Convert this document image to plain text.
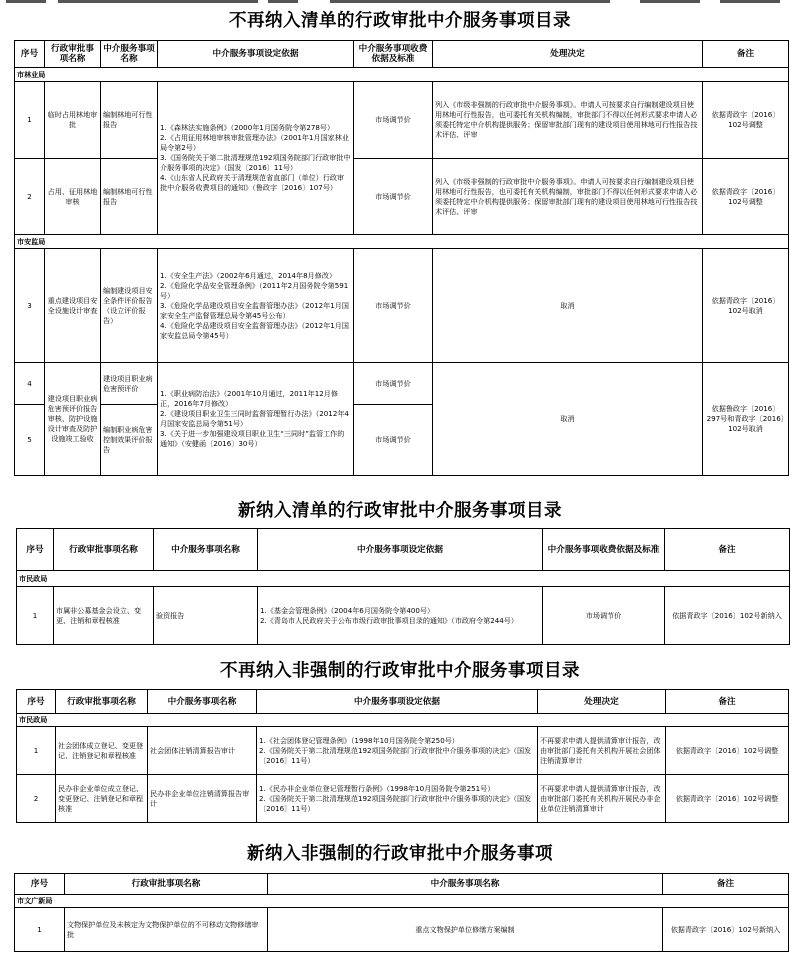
不再纳入清单的行政审批中介服务事项目录
序号	行政审批事项名称	中介服务事项名称	中介服务事项设定依据	中介服务事项收费依据及标准	处理决定	备注
市林业局						
1	临时占用林地审批	编制林地可行性报告	1.《森林法实施条例》（2000年1月国务院令第278号）
2.《占用征用林地审核审批管理办法》（2001年1月国家林业局令第2号）
3.《国务院关于第二批清理规范192项国务院部门行政审批中介服务事项的决定》（国发〔2016〕11号）
4.《山东省人民政府关于清理规范省直部门（单位）行政审批中介服务收费项目的通知》（鲁政字〔2016〕107号）	市场调节价	列入《市级非强制的行政审批中介服务事项》。申请人可按要求自行编制建设项目使用林地可行性报告，也可委托有关机构编制，审批部门不得以任何形式要求申请人必须委托特定中介机构提供服务；保留审批部门现有的建设项目使用林地可行性报告技术评估、评审	依据青政字〔2016〕102号调整
2	占用、征用林地审核	编制林地可行性报告		市场调节价	列入《市级非强制的行政审批中介服务事项》。申请人可按要求自行编制建设项目使用林地可行性报告，也可委托有关机构编制，审批部门不得以任何形式要求申请人必须委托特定中介机构提供服务；保留审批部门现有的建设项目使用林地可行性报告技术评估、评审	依据青政字〔2016〕102号调整
市安监局						
3	重点建设项目安全设施设计审查	编制建设项目安全条件评价报告（设立评价报告）	1.《安全生产法》（2002年6月通过，2014年8月修改）
2.《危险化学品安全管理条例》（2011年2月国务院令第591号）
3.《危险化学品建设项目安全监督管理办法》（2012年1月国家安全生产监督管理总局令第45号公布）
4.《危险化学品建设项目安全监督管理办法》（2012年1月国家安监总局令第45号）	市场调节价	取消	依据青政字〔2016〕102号取消
4	建设项目职业病危害预评价报告审核、防护设施设计审查及防护设施竣工验收	建设项目职业病危害预评价	1.《职业病防治法》（2001年10月通过，2011年12月修正，2016年7月修改）
2.《建设项目职业卫生三同时监督管理暂行办法》（2012年4月国家安监总局令第51号）
3.《关于进一步加强建设项目职业卫生“三同时”监管工作的通知》（安健函〔2016〕30号）	市场调节价	取消	依据鲁政字〔2016〕297号和青政字〔2016〕102号取消
5		编制职业病危害控制效果评价报告		市场调节价		
新纳入清单的行政审批中介服务事项目录
序号	行政审批事项名称	中介服务事项名称	中介服务事项设定依据	中介服务事项收费依据及标准	备注
市民政局					
1	市属非公募基金会设立、变更、注销和章程核准	验资报告	1.《基金会管理条例》（2004年6月国务院令第400号）
2.《青岛市人民政府关于公布市级行政审批事项目录的通知》（市政府令第244号）	市场调节价	依据青政字〔2016〕102号新纳入
不再纳入非强制的行政审批中介服务事项目录
序号	行政审批事项名称	中介服务事项名称	中介服务事项设定依据	处理决定	备注
市民政局					
1	社会团体成立登记、变更登记、注销登记和章程核准	社会团体注销清算报告审计	1.《社会团体登记管理条例》（1998年10月国务院令第250号）
2.《国务院关于第二批清理规范192项国务院部门行政审批中介服务事项的决定》（国发〔2016〕11号）	不再要求申请人提供清算审计报告，改由审批部门委托有关机构开展社会团体注销清算审计	依据青政字〔2016〕102号调整
2	民办非企业单位成立登记、变更登记、注销登记和章程核准	民办非企业单位注销清算报告审计	1.《民办非企业单位登记管理暂行条例》（1998年10月国务院令第251号）
2.《国务院关于第二批清理规范192项国务院部门行政审批中介服务事项的决定》（国发〔2016〕11号）	不再要求申请人提供清算审计报告，改由审批部门委托有关机构开展民办非企业单位注销清算审计	依据青政字〔2016〕102号调整
新纳入非强制的行政审批中介服务事项
序号	行政审批事项名称	中介服务事项名称	备注
市文广新局			
1	文物保护单位及未核定为文物保护单位的不可移动文物修缮审批	重点文物保护单位修缮方案编制	依据青政字〔2016〕102号新纳入
